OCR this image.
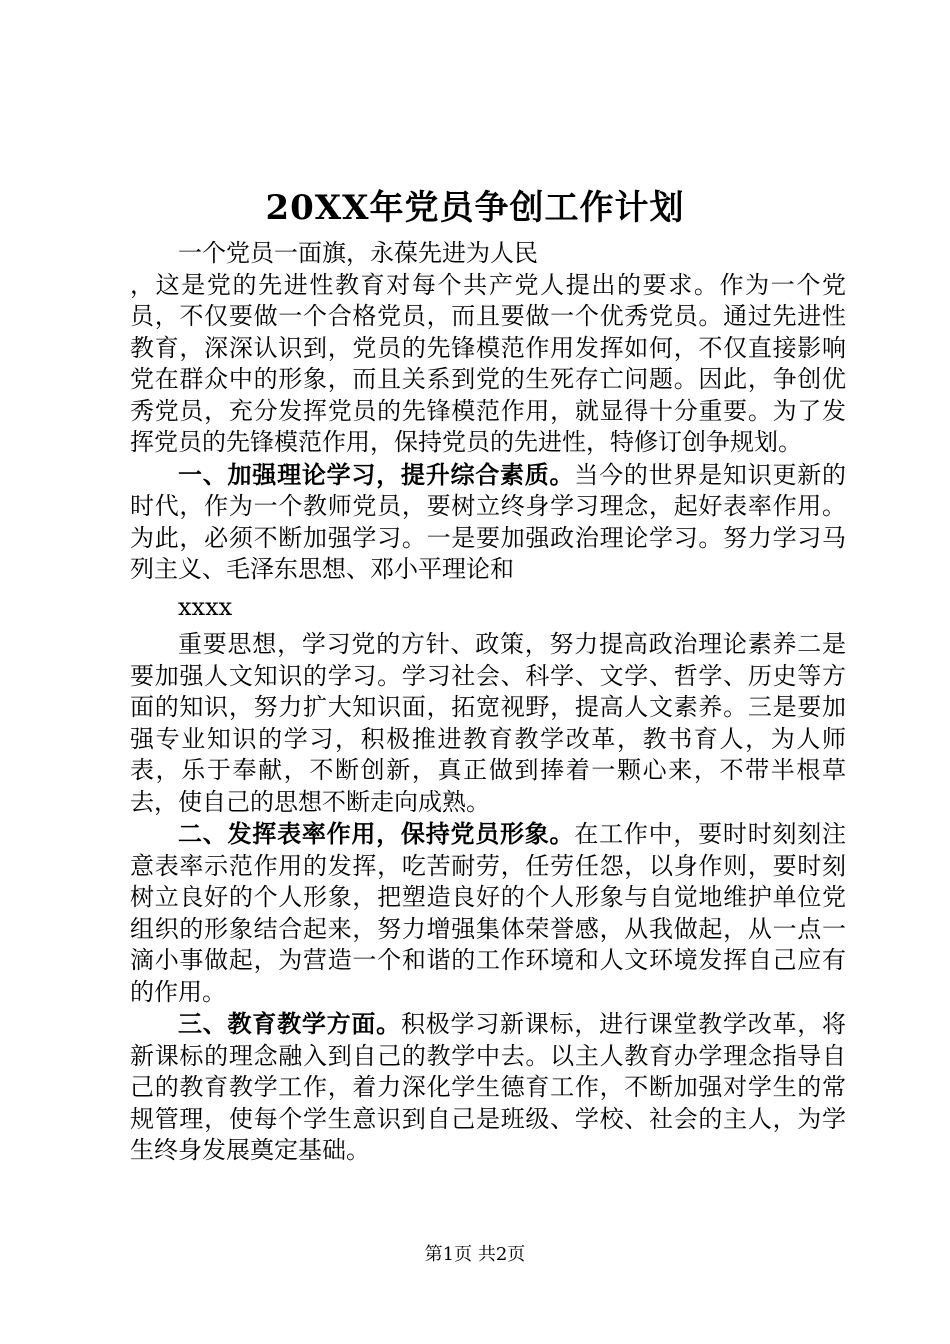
20XX年党员争创工作计划

一个党员一面旗，永葆先进为人民

，这是党的先进性教育对每个共产党人提出的要求。作为一个党员，不仅要做一个合格党员，而且要做一个优秀党员。通过先进性教育，深深认识到，党员的先锋模范作用发挥如何，不仅直接影响党在群众中的形象，而且关系到党的生死存亡问题。因此，争创优秀党员，充分发挥党员的先锋模范作用，就显得十分重要。为了发挥党员的先锋模范作用，保持党员的先进性，特修订创争规划。

一、加强理论学习，提升综合素质。当今的世界是知识更新的时代，作为一个教师党员，要树立终身学习理念，起好表率作用。为此，必须不断加强学习。一是要加强政治理论学习。努力学习马列主义、毛泽东思想、邓小平理论和

xxxx

重要思想，学习党的方针、政策，努力提高政治理论素养二是要加强人文知识的学习。学习社会、科学、文学、哲学、历史等方面的知识，努力扩大知识面，拓宽视野，提高人文素养。三是要加强专业知识的学习，积极推进教育教学改革，教书育人，为人师表，乐于奉献，不断创新，真正做到捧着一颗心来，不带半根草去，使自己的思想不断走向成熟。

二、发挥表率作用，保持党员形象。在工作中，要时时刻刻注意表率示范作用的发挥，吃苦耐劳，任劳任怨，以身作则，要时刻树立良好的个人形象，把塑造良好的个人形象与自觉地维护单位党组织的形象结合起来，努力增强集体荣誉感，从我做起，从一点一滴小事做起，为营造一个和谐的工作环境和人文环境发挥自己应有的作用。

三、教育教学方面。积极学习新课标，进行课堂教学改革，将新课标的理念融入到自己的教学中去。以主人教育办学理念指导自己的教育教学工作，着力深化学生德育工作，不断加强对学生的常规管理，使每个学生意识到自己是班级、学校、社会的主人，为学生终身发展奠定基础。

第1页 共2页
